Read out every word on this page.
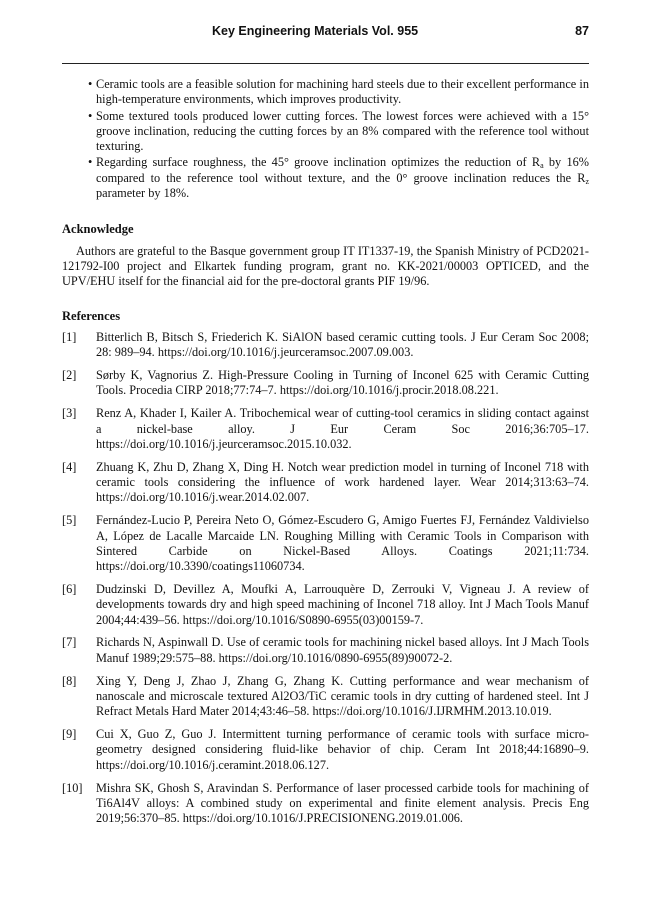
Key Engineering Materials Vol. 955	87
• Ceramic tools are a feasible solution for machining hard steels due to their excellent performance in high-temperature environments, which improves productivity.
• Some textured tools produced lower cutting forces. The lowest forces were achieved with a 15° groove inclination, reducing the cutting forces by an 8% compared with the reference tool without texturing.
• Regarding surface roughness, the 45° groove inclination optimizes the reduction of $R_a$ by 16% compared to the reference tool without texture, and the 0° groove inclination reduces the $R_z$ parameter by 18%.
Acknowledge

Authors are grateful to the Basque government group IT IT1337-19, the Spanish Ministry of PCD2021-121792-I00 project and Elkartek funding program, grant no. KK-2021/00003 OPTICED, and the UPV/EHU itself for the financial aid for the pre-doctoral grants PIF 19/96.

References
[1] Bitterlich B, Bitsch S, Friederich K. SiAlON based ceramic cutting tools. J Eur Ceram Soc 2008; 28: 989–94. https://doi.org/10.1016/j.jeurceramsoc.2007.09.003.
[2] Sørby K, Vagnorius Z. High-Pressure Cooling in Turning of Inconel 625 with Ceramic Cutting Tools. Procedia CIRP 2018;77:74–7. https://doi.org/10.1016/j.procir.2018.08.221.
[3] Renz A, Khader I, Kailer A. Tribochemical wear of cutting-tool ceramics in sliding contact against a nickel-base alloy. J Eur Ceram Soc 2016;36:705–17. https://doi.org/10.1016/j.jeurceramsoc.2015.10.032.
[4] Zhuang K, Zhu D, Zhang X, Ding H. Notch wear prediction model in turning of Inconel 718 with ceramic tools considering the influence of work hardened layer. Wear 2014;313:63–74. https://doi.org/10.1016/j.wear.2014.02.007.
[5] Fernández-Lucio P, Pereira Neto O, Gómez-Escudero G, Amigo Fuertes FJ, Fernández Valdivielso A, López de Lacalle Marcaide LN. Roughing Milling with Ceramic Tools in Comparison with Sintered Carbide on Nickel-Based Alloys. Coatings 2021;11:734. https://doi.org/10.3390/coatings11060734.
[6] Dudzinski D, Devillez A, Moufki A, Larrouquère D, Zerrouki V, Vigneau J. A review of developments towards dry and high speed machining of Inconel 718 alloy. Int J Mach Tools Manuf 2004;44:439–56. https://doi.org/10.1016/S0890-6955(03)00159-7.
[7] Richards N, Aspinwall D. Use of ceramic tools for machining nickel based alloys. Int J Mach Tools Manuf 1989;29:575–88. https://doi.org/10.1016/0890-6955(89)90072-2.
[8] Xing Y, Deng J, Zhao J, Zhang G, Zhang K. Cutting performance and wear mechanism of nanoscale and microscale textured Al2O3/TiC ceramic tools in dry cutting of hardened steel. Int J Refract Metals Hard Mater 2014;43:46–58. https://doi.org/10.1016/J.IJRMHM.2013.10.019.
[9] Cui X, Guo Z, Guo J. Intermittent turning performance of ceramic tools with surface micro-geometry designed considering fluid-like behavior of chip. Ceram Int 2018;44:16890–9. https://doi.org/10.1016/j.ceramint.2018.06.127.
[10] Mishra SK, Ghosh S, Aravindan S. Performance of laser processed carbide tools for machining of Ti6Al4V alloys: A combined study on experimental and finite element analysis. Precis Eng 2019;56:370–85. https://doi.org/10.1016/J.PRECISIONENG.2019.01.006.
